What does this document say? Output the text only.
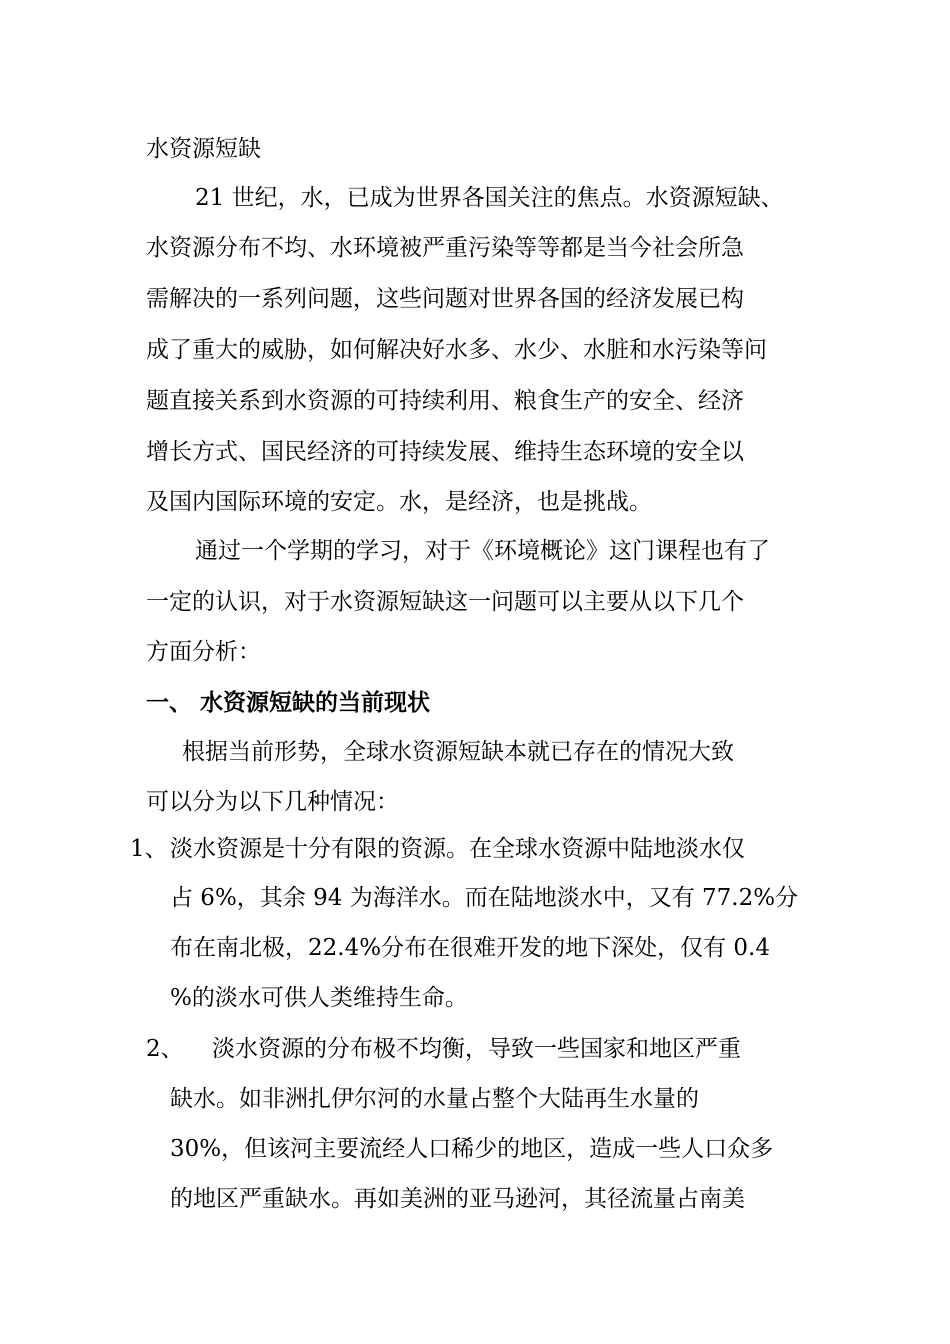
水资源短缺
21 世纪，水，已成为世界各国关注的焦点。水资源短缺、
水资源分布不均、水环境被严重污染等等都是当今社会所急
需解决的一系列问题，这些问题对世界各国的经济发展已构
成了重大的威胁，如何解决好水多、水少、水脏和水污染等问
题直接关系到水资源的可持续利用、粮食生产的安全、经济
增长方式、国民经济的可持续发展、维持生态环境的安全以
及国内国际环境的安定。水，是经济，也是挑战。
通过一个学期的学习，对于《环境概论》这门课程也有了
一定的认识，对于水资源短缺这一问题可以主要从以下几个
方面分析：
一、 水资源短缺的当前现状
根据当前形势，全球水资源短缺本就已存在的情况大致
可以分为以下几种情况：
1、 淡水资源是十分有限的资源。在全球水资源中陆地淡水仅
占 6%，其余 94 为海洋水。而在陆地淡水中，又有 77.2%分
布在南北极，22.4%分布在很难开发的地下深处，仅有 0.4
%的淡水可供人类维持生命。
2、 淡水资源的分布极不均衡，导致一些国家和地区严重
缺水。如非洲扎伊尔河的水量占整个大陆再生水量的
30%，但该河主要流经人口稀少的地区，造成一些人口众多
的地区严重缺水。再如美洲的亚马逊河，其径流量占南美
